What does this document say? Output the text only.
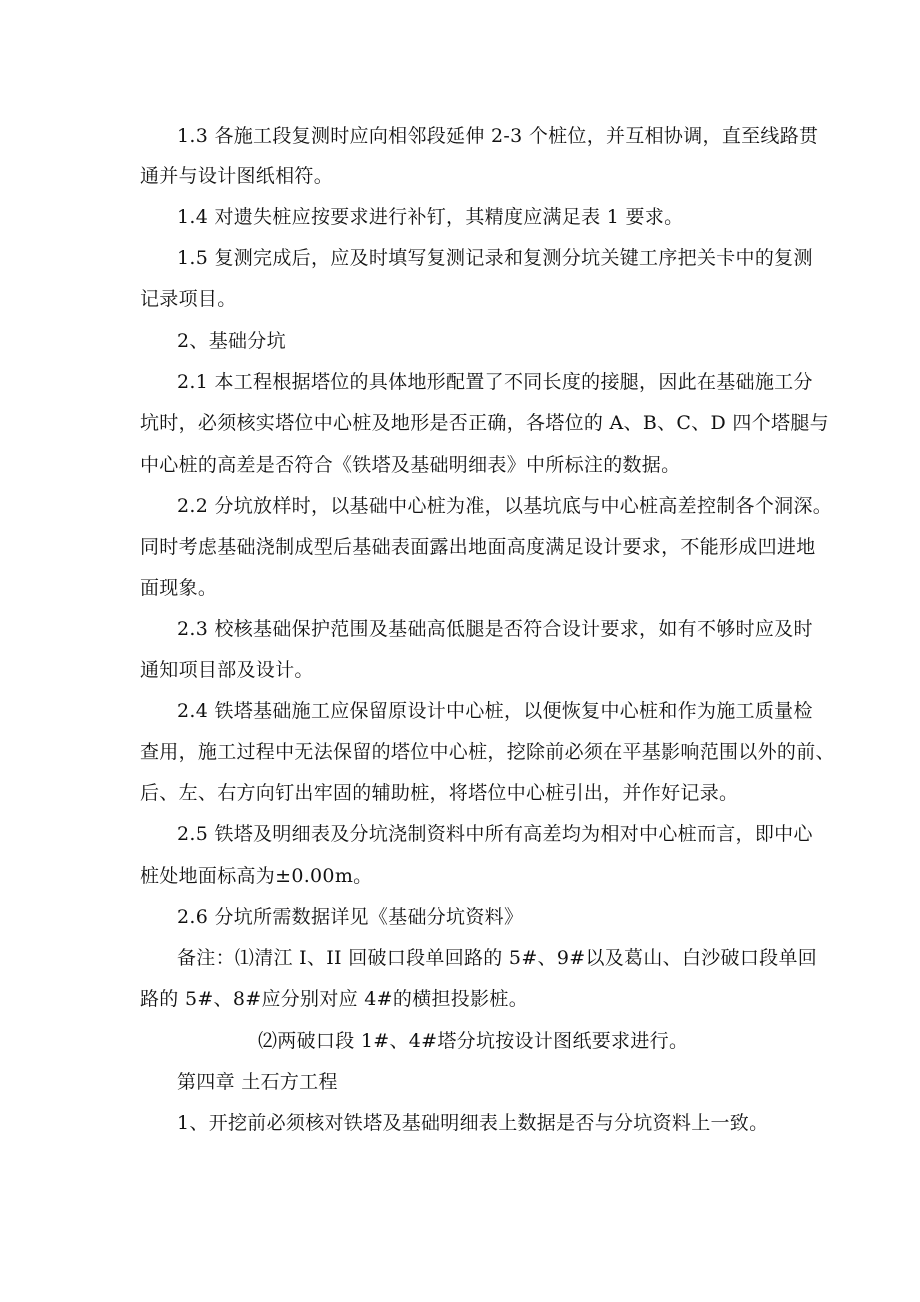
1.3 各施工段复测时应向相邻段延伸 2-3 个桩位，并互相协调，直至线路贯
通并与设计图纸相符。
1.4 对遗失桩应按要求进行补钉，其精度应满足表 1 要求。
1.5 复测完成后，应及时填写复测记录和复测分坑关键工序把关卡中的复测
记录项目。
2、基础分坑
2.1 本工程根据塔位的具体地形配置了不同长度的接腿，因此在基础施工分
坑时，必须核实塔位中心桩及地形是否正确，各塔位的 A、B、C、D 四个塔腿与
中心桩的高差是否符合《铁塔及基础明细表》中所标注的数据。
2.2 分坑放样时，以基础中心桩为准，以基坑底与中心桩高差控制各个洞深。
同时考虑基础浇制成型后基础表面露出地面高度满足设计要求，不能形成凹进地
面现象。
2.3 校核基础保护范围及基础高低腿是否符合设计要求，如有不够时应及时
通知项目部及设计。
2.4 铁塔基础施工应保留原设计中心桩，以便恢复中心桩和作为施工质量检
查用，施工过程中无法保留的塔位中心桩，挖除前必须在平基影响范围以外的前、
后、左、右方向钉出牢固的辅助桩，将塔位中心桩引出，并作好记录。
2.5 铁塔及明细表及分坑浇制资料中所有高差均为相对中心桩而言，即中心
桩处地面标高为±0.00m。
2.6 分坑所需数据详见《基础分坑资料》
备注：⑴清江 I、II 回破口段单回路的 5#、9#以及葛山、白沙破口段单回
路的 5#、8#应分别对应 4#的横担投影桩。
⑵两破口段 1#、4#塔分坑按设计图纸要求进行。
第四章 土石方工程
1、开挖前必须核对铁塔及基础明细表上数据是否与分坑资料上一致。
